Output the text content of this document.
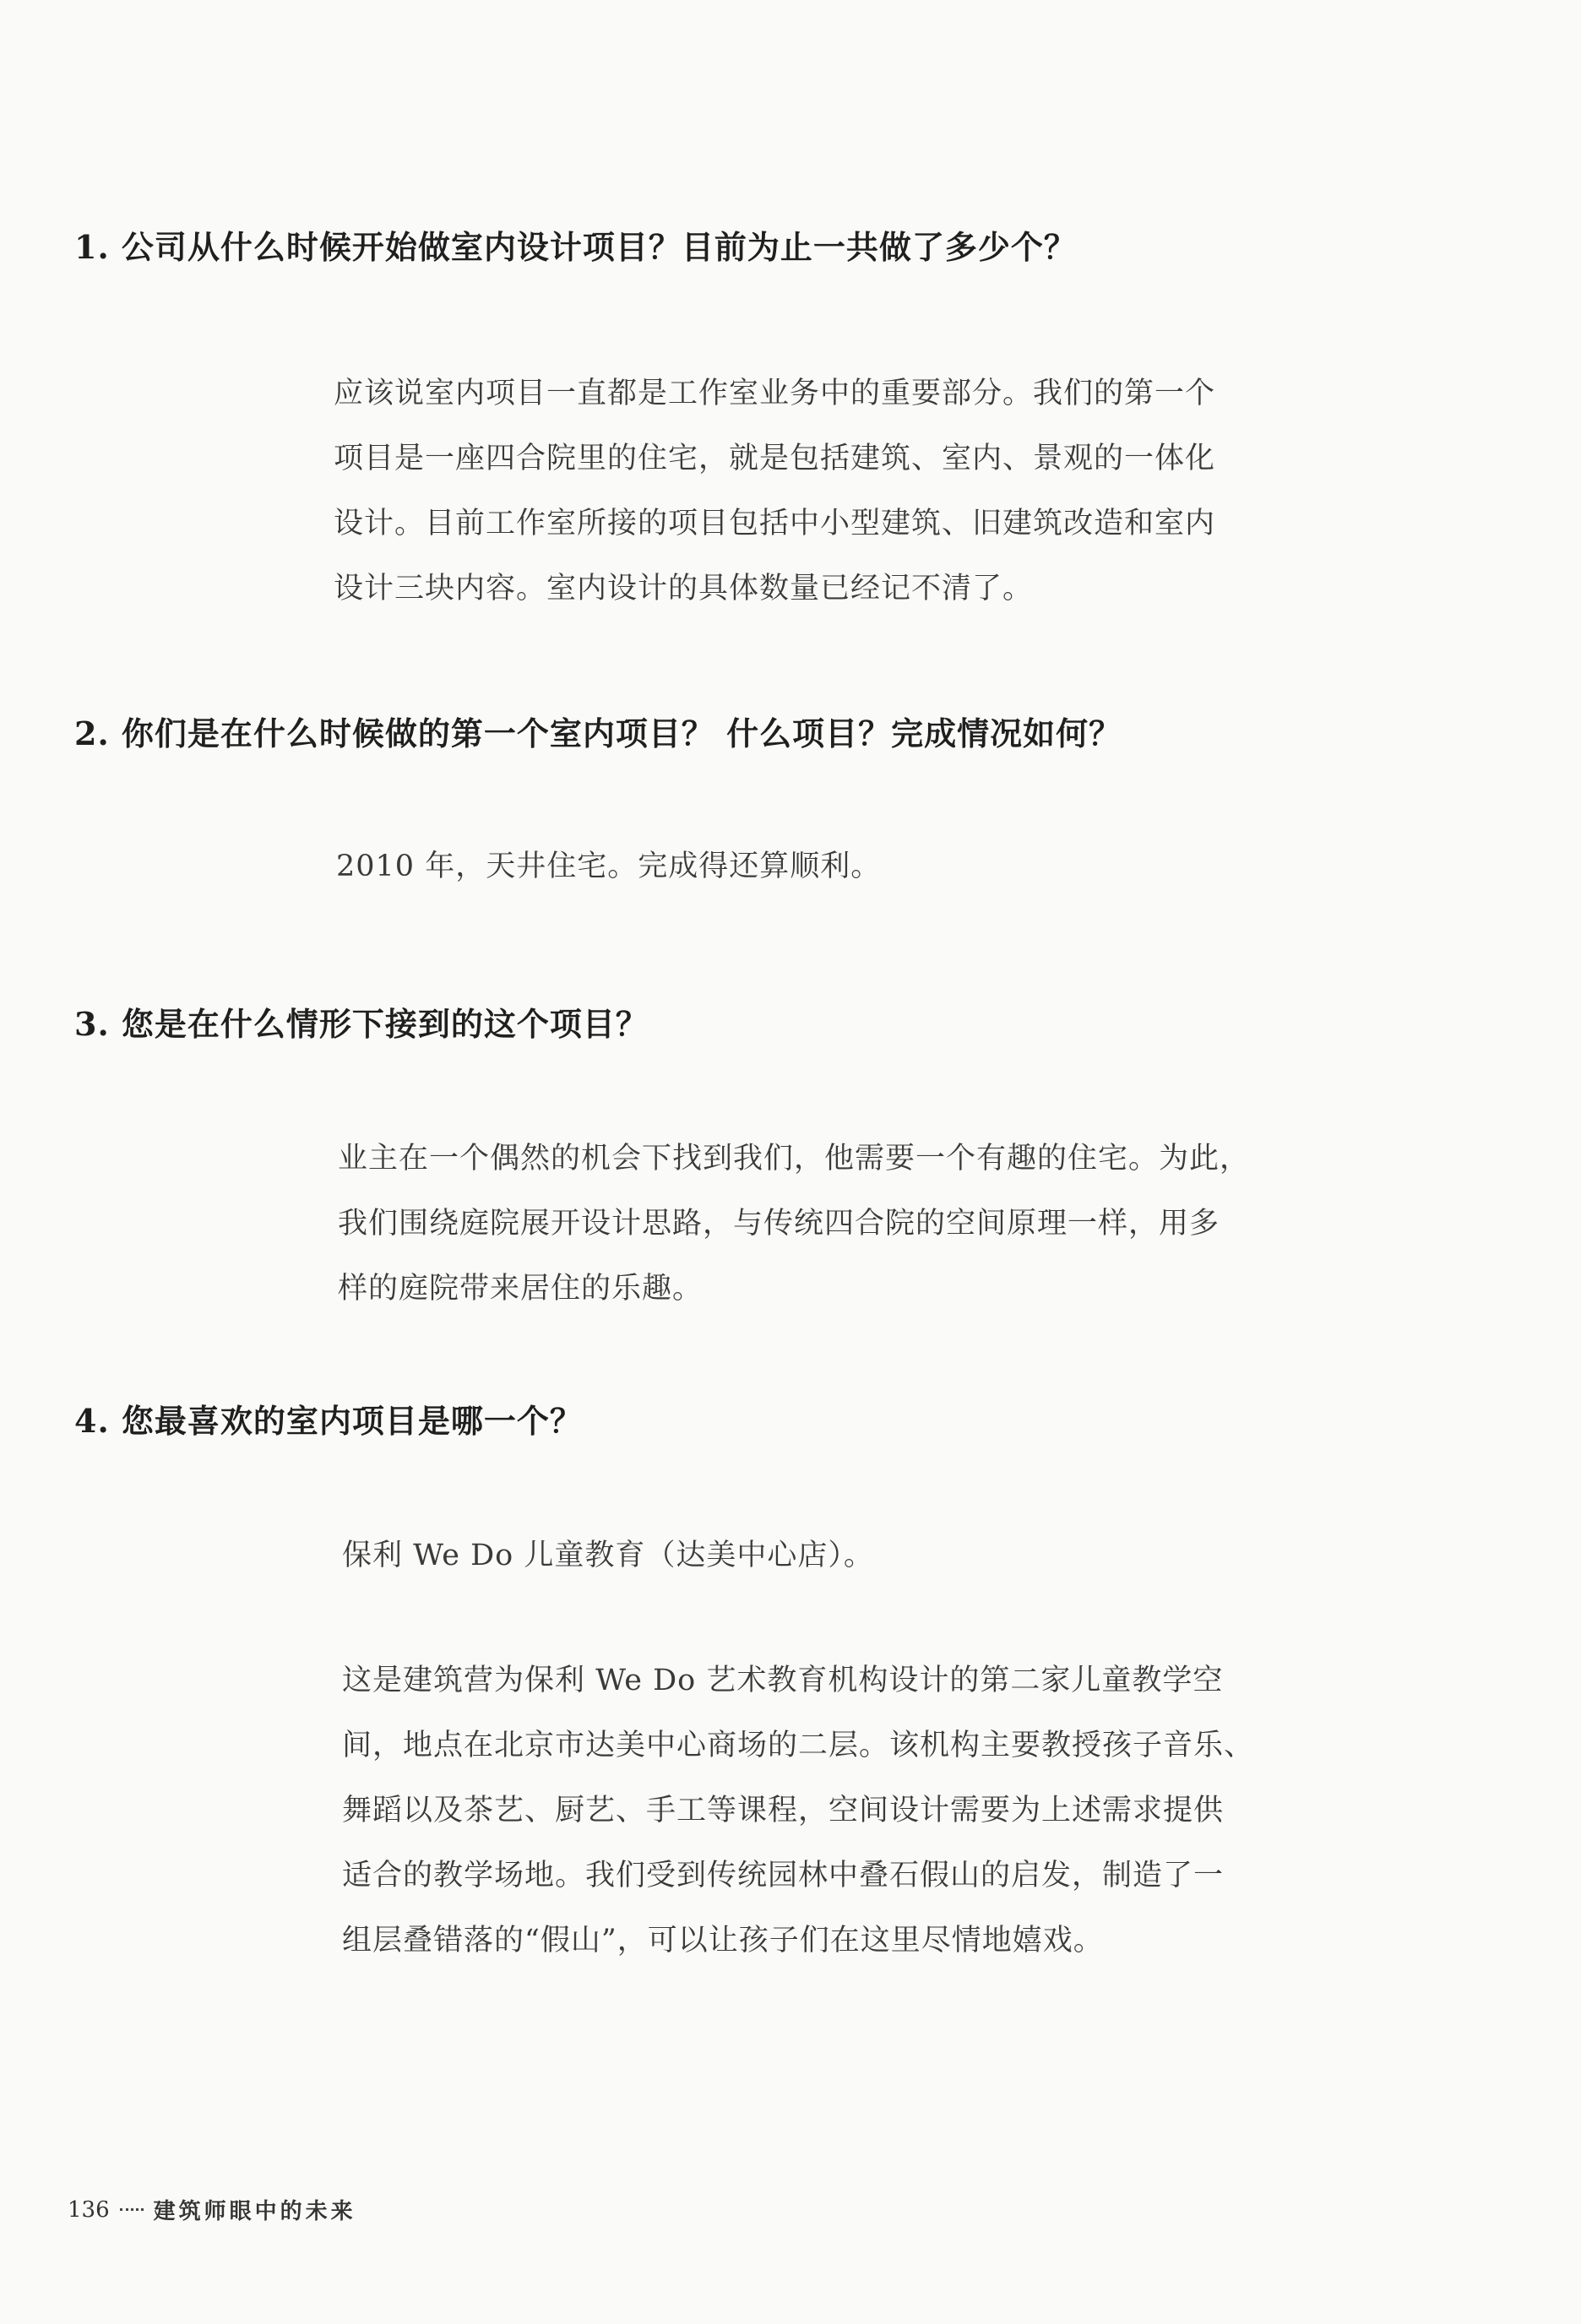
1. 公司从什么时候开始做室内设计项目？目前为止一共做了多少个？

应该说室内项目一直都是工作室业务中的重要部分。我们的第一个

项目是一座四合院里的住宅，就是包括建筑、室内、景观的一体化

设计。目前工作室所接的项目包括中小型建筑、旧建筑改造和室内

设计三块内容。室内设计的具体数量已经记不清了。

2. 你们是在什么时候做的第一个室内项目？ 什么项目？完成情况如何？

2010 年，天井住宅。完成得还算顺利。

3. 您是在什么情形下接到的这个项目？

业主在一个偶然的机会下找到我们，他需要一个有趣的住宅。为此，

我们围绕庭院展开设计思路，与传统四合院的空间原理一样，用多

样的庭院带来居住的乐趣。

4. 您最喜欢的室内项目是哪一个？

保利 We Do 儿童教育（达美中心店）。

这是建筑营为保利 We Do 艺术教育机构设计的第二家儿童教学空

间，地点在北京市达美中心商场的二层。该机构主要教授孩子音乐、

舞蹈以及茶艺、厨艺、手工等课程，空间设计需要为上述需求提供

适合的教学场地。我们受到传统园林中叠石假山的启发，制造了一

组层叠错落的“假山”，可以让孩子们在这里尽情地嬉戏。

136 建筑师眼中的未来
